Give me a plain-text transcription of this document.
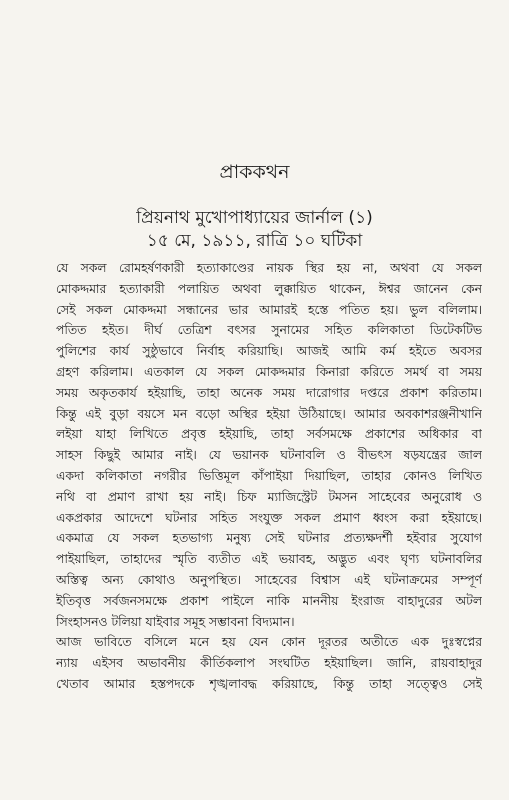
প্রাককথন
প্রিয়নাথ মুখোপাধ্যায়ের জার্নাল (১)
১৫ মে, ১৯১১, রাত্রি ১০ ঘটিকা
যে সকল রোমহর্ষণকারী হত্যাকাণ্ডের নায়ক স্থির হয় না, অথবা যে সকল
মোকদ্দমার হত্যাকারী পলায়িত অথবা লুক্কায়িত থাকেন, ঈশ্বর জানেন কেন
সেই সকল মোকদ্দমা সন্ধানের ভার আমারই হস্তে পতিত হয়। ভুল বলিলাম।
পতিত হইত। দীর্ঘ তেত্রিশ বৎসর সুনামের সহিত কলিকাতা ডিটেকটিভ
পুলিশের কার্য সুষ্ঠুভাবে নির্বাহ করিয়াছি। আজই আমি কর্ম হইতে অবসর
গ্রহণ করিলাম। এতকাল যে সকল মোকদ্দমার কিনারা করিতে সমর্থ বা সময়
সময় অকৃতকার্য হইয়াছি, তাহা অনেক সময় দারোগার দপ্তরে প্রকাশ করিতাম।
কিন্তু এই বুড়া বয়সে মন বড়ো অস্থির হইয়া উঠিয়াছে। আমার অবকাশরঞ্জনীখানি
লইয়া যাহা লিখিতে প্রবৃত্ত হইয়াছি, তাহা সর্বসমক্ষে প্রকাশের অধিকার বা
সাহস কিছুই আমার নাই। যে ভয়ানক ঘটনাবলি ও বীভৎস ষড়যন্ত্রের জাল
একদা কলিকাতা নগরীর ভিত্তিমূল কাঁপাইয়া দিয়াছিল, তাহার কোনও লিখিত
নথি বা প্রমাণ রাখা হয় নাই। চিফ ম্যাজিস্ট্রেট টমসন সাহেবের অনুরোধ ও
একপ্রকার আদেশে ঘটনার সহিত সংযুক্ত সকল প্রমাণ ধ্বংস করা হইয়াছে।
একমাত্র যে সকল হতভাগ্য মনুষ্য সেই ঘটনার প্রত্যক্ষদর্শী হইবার সুযোগ
পাইয়াছিল, তাহাদের স্মৃতি ব্যতীত এই ভয়াবহ, অদ্ভুত এবং ঘৃণ্য ঘটনাবলির
অস্তিত্ব অন্য কোথাও অনুপস্থিত। সাহেবের বিশ্বাস এই ঘটনাক্রমের সম্পূর্ণ
ইতিবৃত্ত সর্বজনসমক্ষে প্রকাশ পাইলে নাকি মাননীয় ইংরাজ বাহাদুরের অটল
সিংহাসনও টলিয়া যাইবার সমূহ সম্ভাবনা বিদ্যমান।
আজ ভাবিতে বসিলে মনে হয় যেন কোন দূরতর অতীতে এক দুঃস্বপ্নের
ন্যায় এইসব অভাবনীয় কীর্তিকলাপ সংঘটিত হইয়াছিল। জানি, রায়বাহাদুর
খেতাব আমার হস্তপদকে শৃঙ্খলাবদ্ধ করিয়াছে, কিন্তু তাহা সত্ত্বেও সেই
